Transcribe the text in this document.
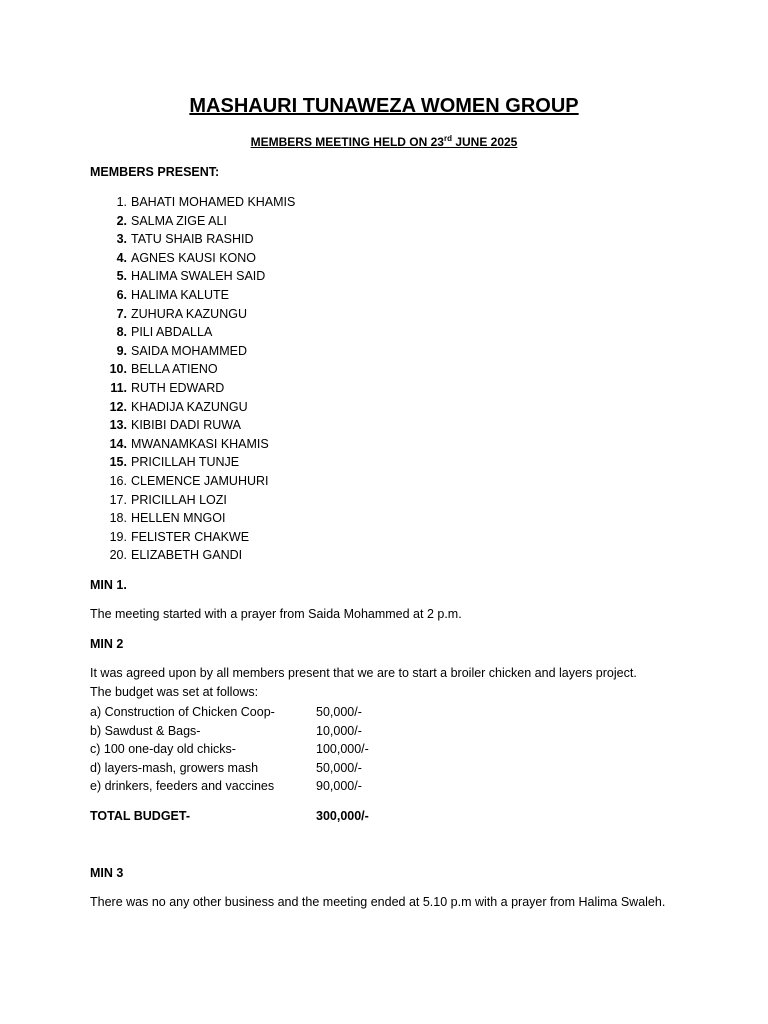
MASHAURI TUNAWEZA WOMEN GROUP
MEMBERS MEETING HELD ON 23rd JUNE 2025
MEMBERS PRESENT:
1. BAHATI MOHAMED KHAMIS
2. SALMA ZIGE ALI
3. TATU SHAIB RASHID
4. AGNES KAUSI KONO
5. HALIMA SWALEH SAID
6. HALIMA KALUTE
7. ZUHURA KAZUNGU
8. PILI ABDALLA
9. SAIDA MOHAMMED
10. BELLA ATIENO
11. RUTH EDWARD
12. KHADIJA KAZUNGU
13. KIBIBI DADI RUWA
14. MWANAMKASI KHAMIS
15. PRICILLAH TUNJE
16. CLEMENCE JAMUHURI
17. PRICILLAH LOZI
18. HELLEN MNGOI
19. FELISTER CHAKWE
20. ELIZABETH GANDI
MIN 1.
The meeting started with a prayer from Saida Mohammed at 2 p.m.
MIN 2
It was agreed upon by all members present that we are to start a broiler chicken and layers project.
The budget was set at follows:
a) Construction of Chicken Coop-	50,000/-
b) Sawdust & Bags-	10,000/-
c) 100 one-day old chicks-	100,000/-
d) layers-mash, growers mash	50,000/-
e) drinkers, feeders and vaccines	90,000/-
TOTAL BUDGET-	300,000/-
MIN 3
There was no any other business and the meeting ended at 5.10 p.m with a prayer from Halima Swaleh.
